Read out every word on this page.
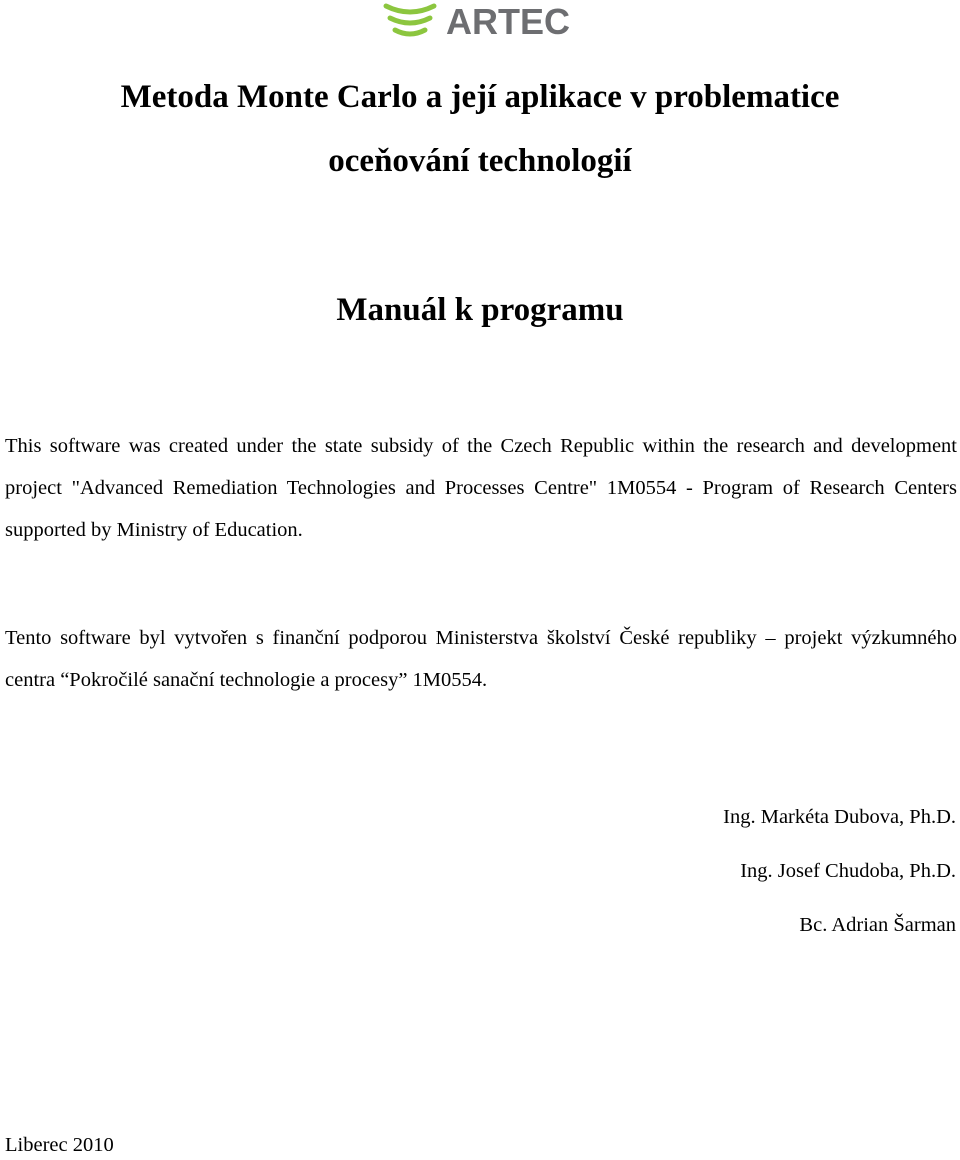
ARTEC
Metoda Monte Carlo a její aplikace v problematice
oceňování technologií
Manuál k programu

This software was created under the state subsidy of the Czech Republic within the research and development project "Advanced Remediation Technologies and Processes Centre" 1M0554 - Program of Research Centers supported by Ministry of Education.

Tento software byl vytvořen s finanční podporou Ministerstva školství České republiky – projekt výzkumného centra “Pokročilé sanační technologie a procesy” 1M0554.

Ing. Markéta Dubova, Ph.D.
Ing. Josef Chudoba, Ph.D.
Bc. Adrian Šarman
Liberec 2010
